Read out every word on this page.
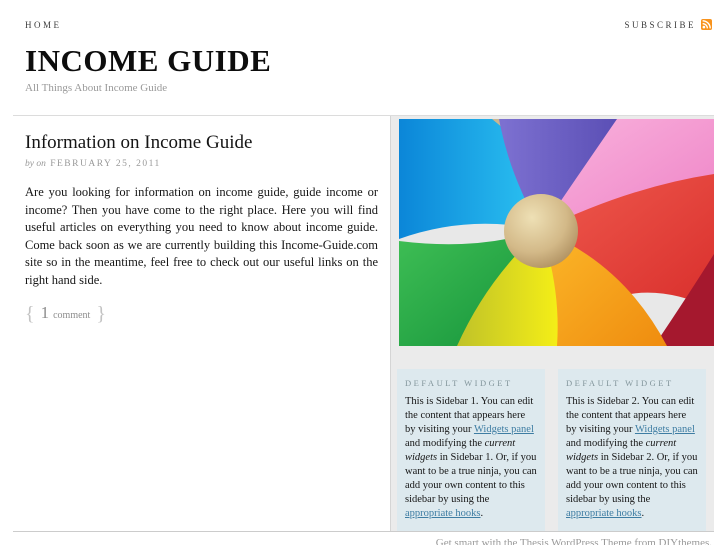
HOME	SUBSCRIBE
INCOME GUIDE
All Things About Income Guide
Information on Income Guide
by on FEBRUARY 25, 2011

Are you looking for information on income guide, guide income or income? Then you have come to the right place. Here you will find useful articles on everything you need to know about income guide. Come back soon as we are currently building this Income-Guide.com site so in the meantime, feel free to check out our useful links on the right hand side.

{ 1 comment }
DEFAULT WIDGET

This is Sidebar 1. You can edit the content that appears here by visiting your Widgets panel and modifying the current widgets in Sidebar 1. Or, if you want to be a true ninja, you can add your own content to this sidebar by using the appropriate hooks.

DEFAULT WIDGET

This is Sidebar 2. You can edit the content that appears here by visiting your Widgets panel and modifying the current widgets in Sidebar 2. Or, if you want to be a true ninja, you can add your own content to this sidebar by using the appropriate hooks.

Get smart with the Thesis WordPress Theme from DIYthemes.
